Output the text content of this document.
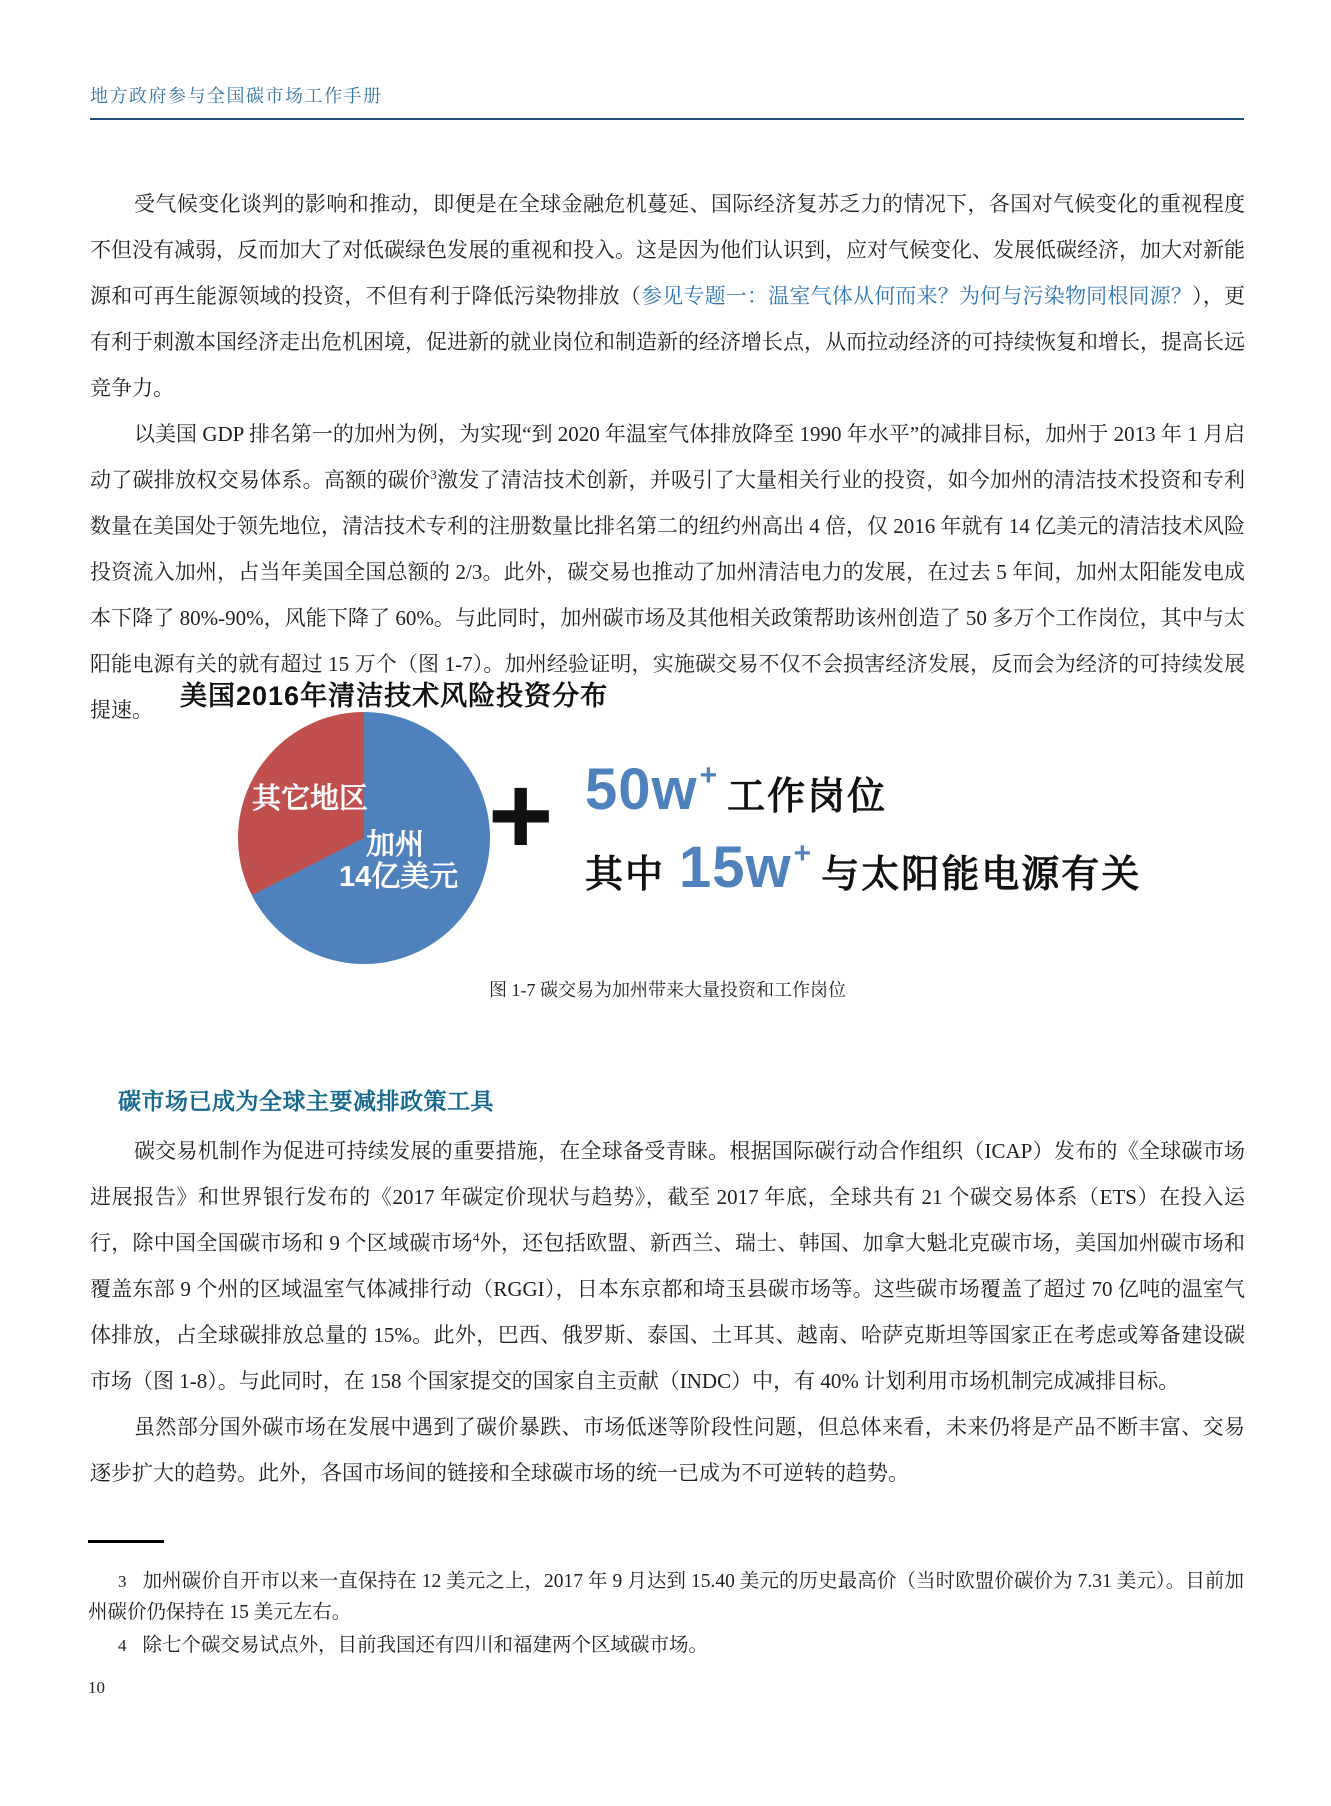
地方政府参与全国碳市场工作手册

受气候变化谈判的影响和推动，即便是在全球金融危机蔓延、国际经济复苏乏力的情况下，各国对气候变化的重视程度不但没有减弱，反而加大了对低碳绿色发展的重视和投入。这是因为他们认识到，应对气候变化、发展低碳经济，加大对新能源和可再生能源领域的投资，不但有利于降低污染物排放（参见专题一：温室气体从何而来？为何与污染物同根同源？），更有利于刺激本国经济走出危机困境，促进新的就业岗位和制造新的经济增长点，从而拉动经济的可持续恢复和增长，提高长远竞争力。

以美国 GDP 排名第一的加州为例，为实现“到 2020 年温室气体排放降至 1990 年水平”的减排目标，加州于 2013 年 1 月启动了碳排放权交易体系。高额的碳价$^3$激发了清洁技术创新，并吸引了大量相关行业的投资，如今加州的清洁技术投资和专利数量在美国处于领先地位，清洁技术专利的注册数量比排名第二的纽约州高出 4 倍，仅 2016 年就有 14 亿美元的清洁技术风险投资流入加州，占当年美国全国总额的 2/3。此外，碳交易也推动了加州清洁电力的发展，在过去 5 年间，加州太阳能发电成本下降了 80%-90%，风能下降了 60%。与此同时，加州碳市场及其他相关政策帮助该州创造了 50 多万个工作岗位，其中与太阳能电源有关的就有超过 15 万个（图 1-7）。加州经验证明，实施碳交易不仅不会损害经济发展，反而会为经济的可持续发展提速。	美国2016年清洁技术风险投资分布
其它地区
加州
14亿美元 + 50w +
工作岗位
其中 15w +
与太阳能电源有关
图 1-7 碳交易为加州带来大量投资和工作岗位
碳市场已成为全球主要减排政策工具

碳交易机制作为促进可持续发展的重要措施，在全球备受青睐。根据国际碳行动合作组织（ICAP）发布的《全球碳市场进展报告》和世界银行发布的《2017 年碳定价现状与趋势》，截至 2017 年底，全球共有 21 个碳交易体系（ETS）在投入运行，除中国全国碳市场和 9 个区域碳市场$^4$外，还包括欧盟、新西兰、瑞士、韩国、加拿大魁北克碳市场，美国加州碳市场和覆盖东部 9 个州的区域温室气体减排行动（RGGI），日本东京都和埼玉县碳市场等。这些碳市场覆盖了超过 70 亿吨的温室气体排放，占全球碳排放总量的 15%。此外，巴西、俄罗斯、泰国、土耳其、越南、哈萨克斯坦等国家正在考虑或筹备建设碳市场（图 1-8）。与此同时，在 158 个国家提交的国家自主贡献（INDC）中，有 40% 计划利用市场机制完成减排目标。

虽然部分国外碳市场在发展中遇到了碳价暴跌、市场低迷等阶段性问题，但总体来看，未来仍将是产品不断丰富、交易逐步扩大的趋势。此外，各国市场间的链接和全球碳市场的统一已成为不可逆转的趋势。

3 加州碳价自开市以来一直保持在 12 美元之上，2017 年 9 月达到 15.40 美元的历史最高价（当时欧盟价碳价为 7.31 美元）。目前加州碳价仍保持在 15 美元左右。

4 除七个碳交易试点外，目前我国还有四川和福建两个区域碳市场。

10
